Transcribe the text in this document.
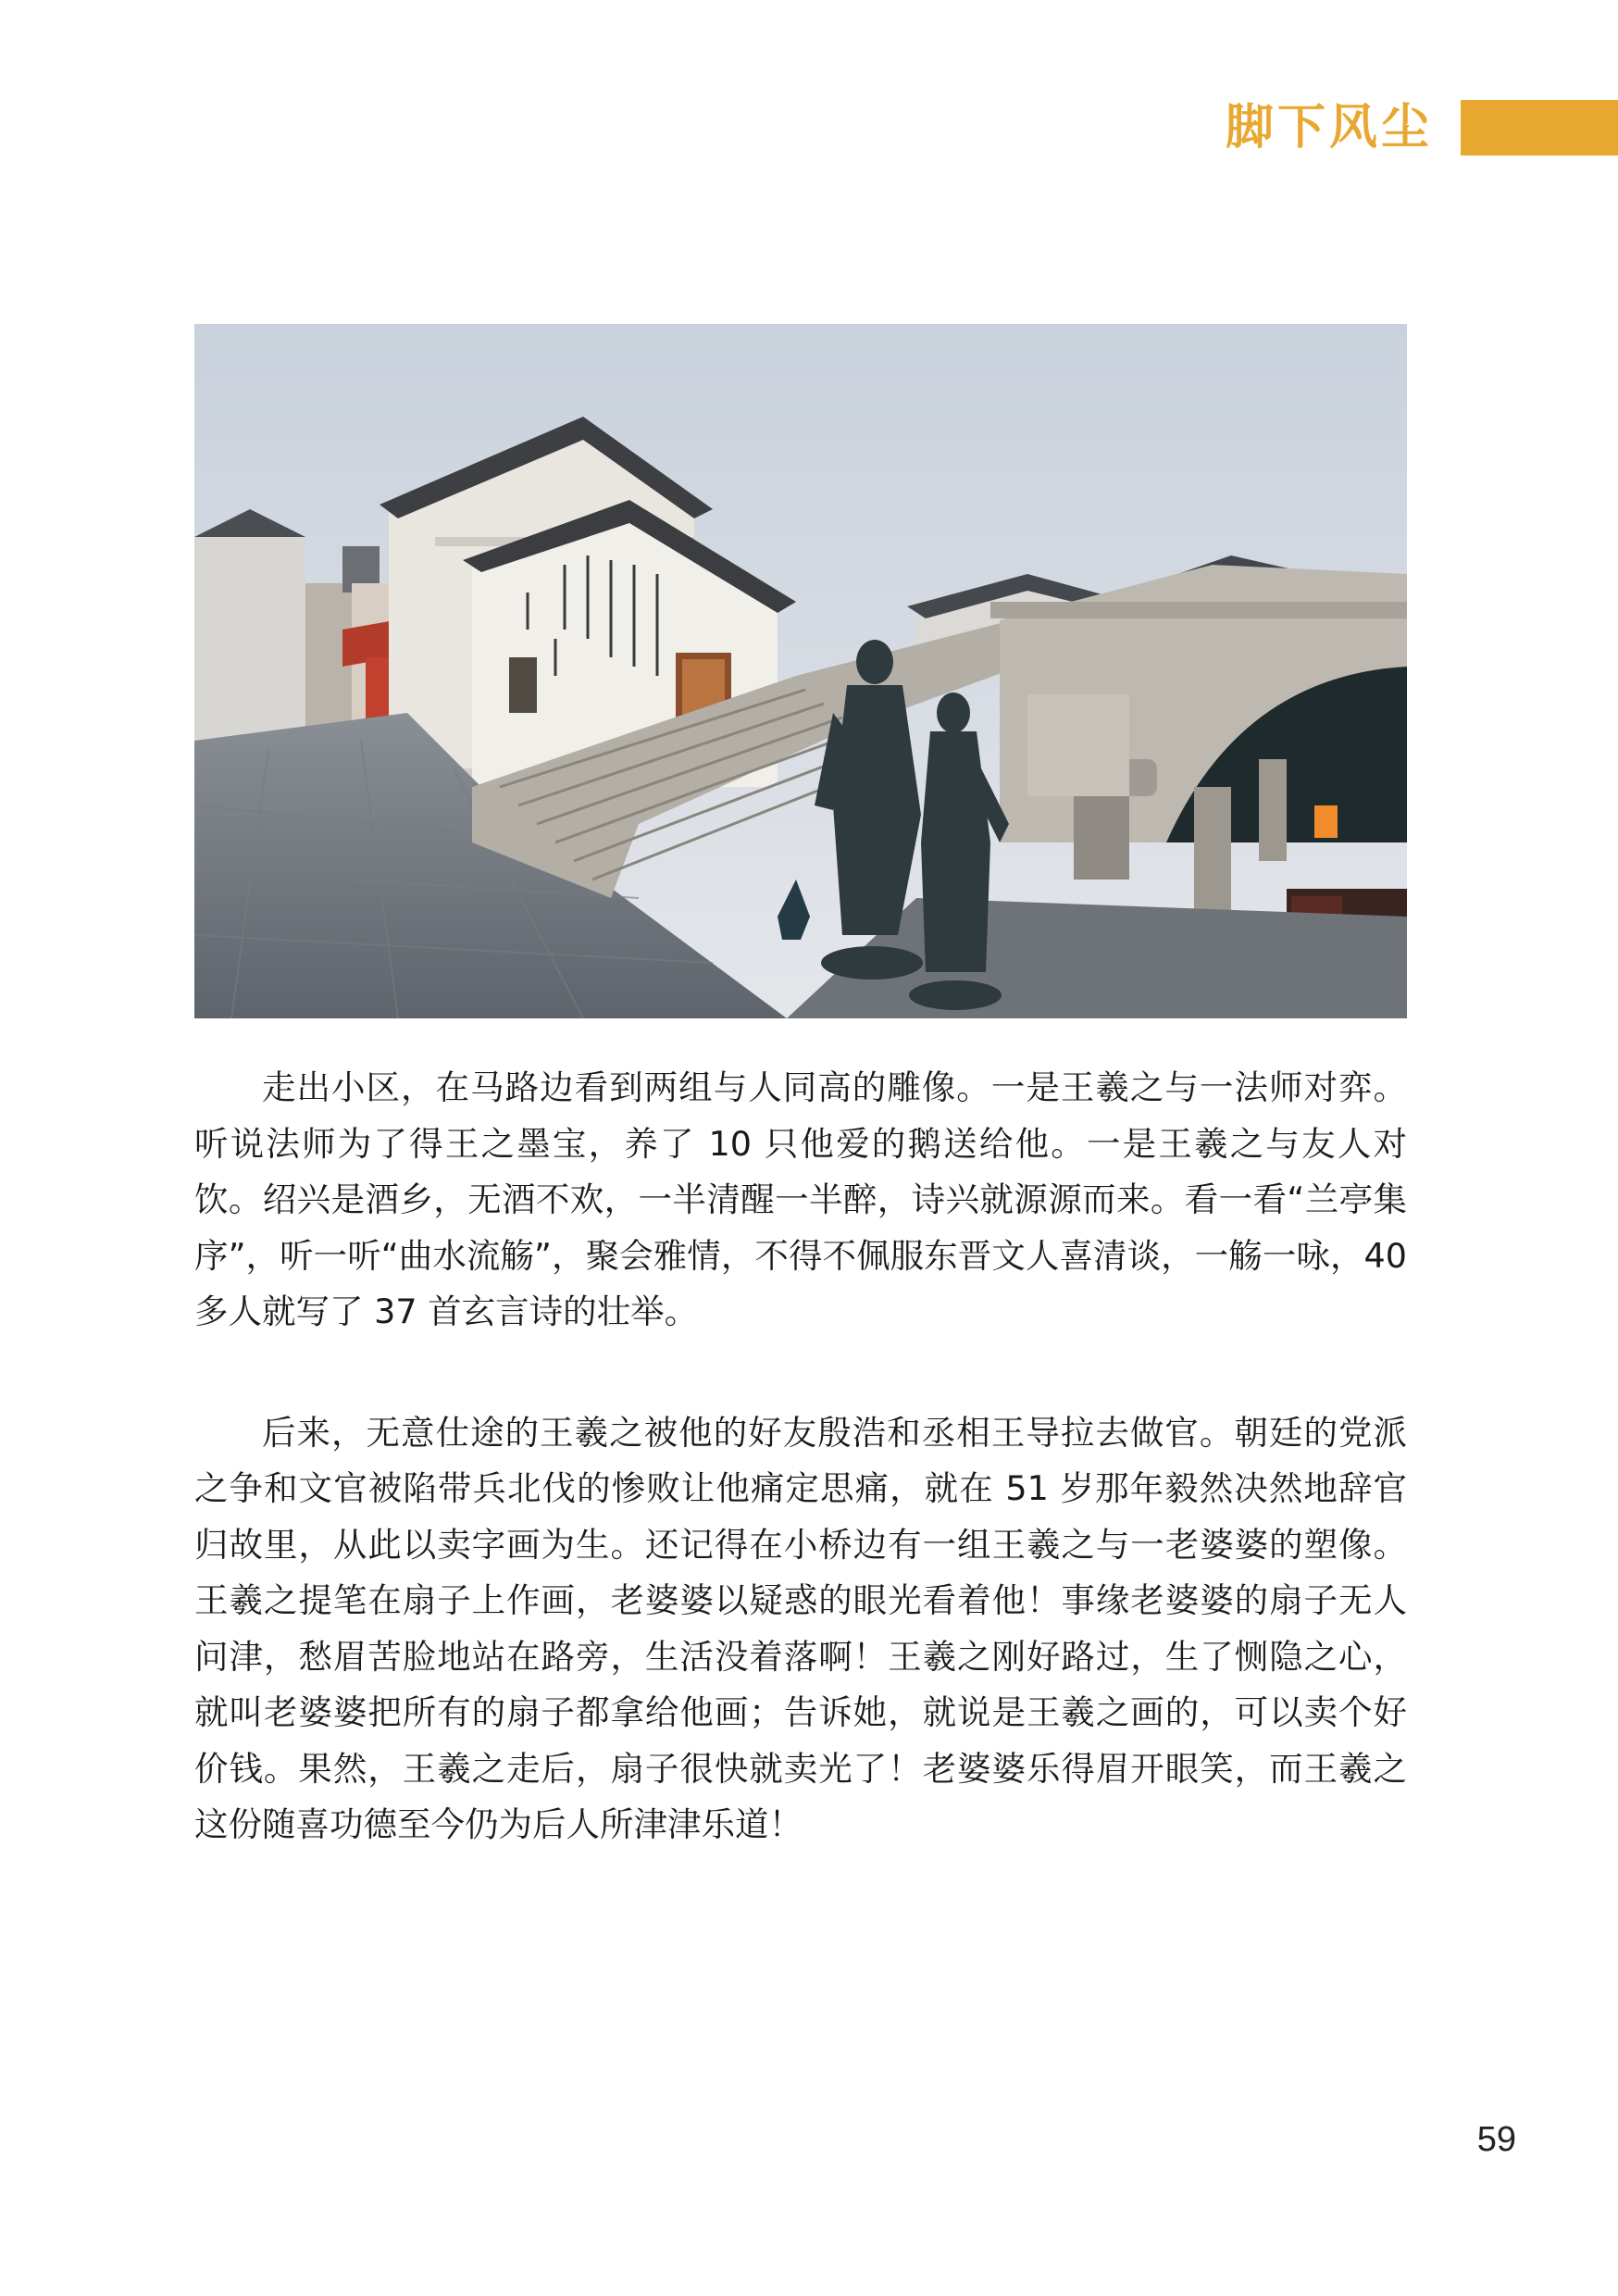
脚下风尘

走出小区，在马路边看到两组与人同高的雕像。一是王羲之与一法师对弈。听说法师为了得王之墨宝，养了 10 只他爱的鹅送给他。一是王羲之与友人对饮。绍兴是酒乡，无酒不欢，一半清醒一半醉，诗兴就源源而来。看一看“兰亭集序”，听一听“曲水流觞”，聚会雅情，不得不佩服东晋文人喜清谈，一觞一咏，40 多人就写了 37 首玄言诗的壮举。

后来，无意仕途的王羲之被他的好友殷浩和丞相王导拉去做官。朝廷的党派之争和文官被陷带兵北伐的惨败让他痛定思痛，就在 51 岁那年毅然决然地辞官归故里，从此以卖字画为生。还记得在小桥边有一组王羲之与一老婆婆的塑像。王羲之提笔在扇子上作画，老婆婆以疑惑的眼光看着他！事缘老婆婆的扇子无人问津，愁眉苦脸地站在路旁，生活没着落啊！王羲之刚好路过，生了恻隐之心，就叫老婆婆把所有的扇子都拿给他画；告诉她，就说是王羲之画的，可以卖个好价钱。果然，王羲之走后，扇子很快就卖光了！老婆婆乐得眉开眼笑，而王羲之这份随喜功德至今仍为后人所津津乐道！

59
